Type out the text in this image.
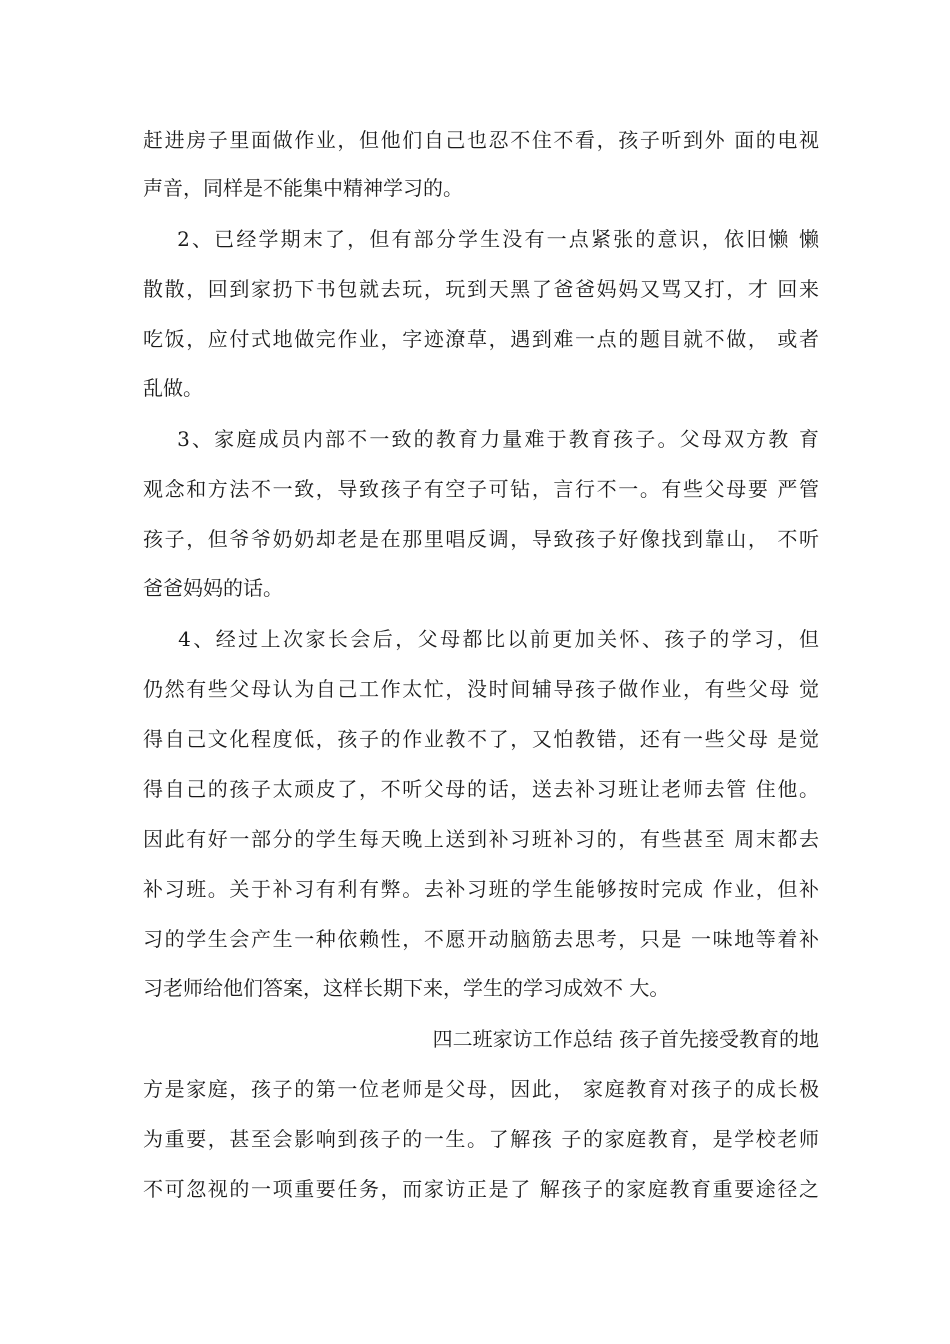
赶进房子里面做作业，但他们自己也忍不住不看，孩子听到外 面的电视
声音，同样是不能集中精神学习的。
2、已经学期末了，但有部分学生没有一点紧张的意识，依旧懒 懒
散散，回到家扔下书包就去玩，玩到天黑了爸爸妈妈又骂又打，才 回来
吃饭，应付式地做完作业，字迹潦草，遇到难一点的题目就不做， 或者
乱做。
3、家庭成员内部不一致的教育力量难于教育孩子。父母双方教 育
观念和方法不一致，导致孩子有空子可钻，言行不一。有些父母要 严管
孩子，但爷爷奶奶却老是在那里唱反调，导致孩子好像找到靠山， 不听
爸爸妈妈的话。
4、经过上次家长会后，父母都比以前更加关怀、孩子的学习，但
仍然有些父母认为自己工作太忙，没时间辅导孩子做作业，有些父母 觉
得自己文化程度低，孩子的作业教不了，又怕教错，还有一些父母 是觉
得自己的孩子太顽皮了，不听父母的话，送去补习班让老师去管 住他。
因此有好一部分的学生每天晚上送到补习班补习的，有些甚至 周末都去
补习班。关于补习有利有弊。去补习班的学生能够按时完成 作业，但补
习的学生会产生一种依赖性，不愿开动脑筋去思考，只是 一味地等着补
习老师给他们答案，这样长期下来，学生的学习成效不 大。
四二班家访工作总结 孩子首先接受教育的地
方是家庭，孩子的第一位老师是父母，因此， 家庭教育对孩子的成长极
为重要，甚至会影响到孩子的一生。了解孩 子的家庭教育，是学校老师
不可忽视的一项重要任务，而家访正是了 解孩子的家庭教育重要途径之
